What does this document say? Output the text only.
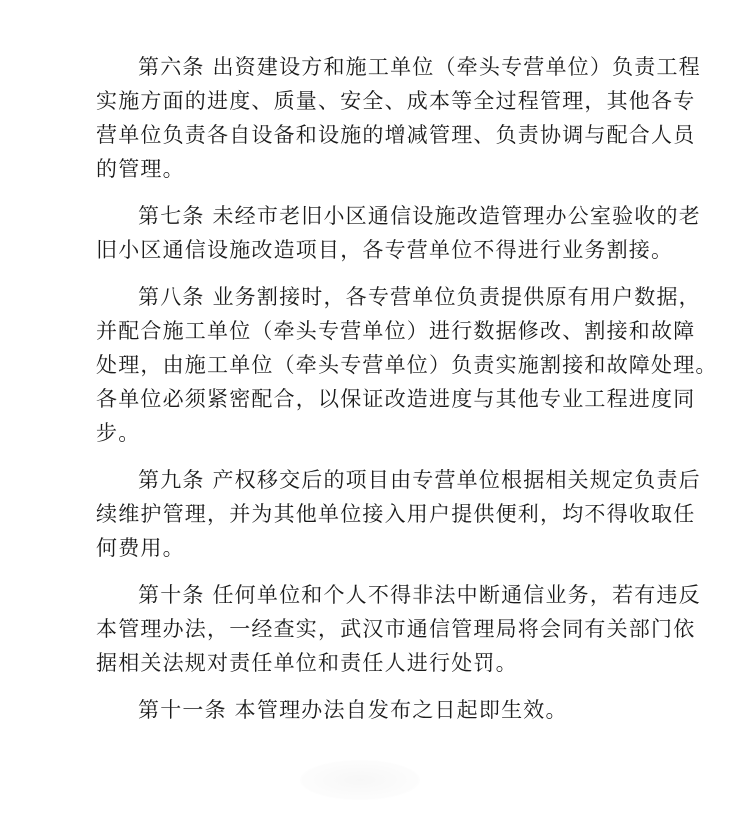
第六条 出资建设方和施工单位（牵头专营单位）负责工程
实施方面的进度、质量、安全、成本等全过程管理，其他各专
营单位负责各自设备和设施的增减管理、负责协调与配合人员
的管理。
第七条 未经市老旧小区通信设施改造管理办公室验收的老
旧小区通信设施改造项目，各专营单位不得进行业务割接。
第八条 业务割接时，各专营单位负责提供原有用户数据，
并配合施工单位（牵头专营单位）进行数据修改、割接和故障
处理，由施工单位（牵头专营单位）负责实施割接和故障处理。
各单位必须紧密配合，以保证改造进度与其他专业工程进度同
步。
第九条 产权移交后的项目由专营单位根据相关规定负责后
续维护管理，并为其他单位接入用户提供便利，均不得收取任
何费用。
第十条 任何单位和个人不得非法中断通信业务，若有违反
本管理办法，一经查实，武汉市通信管理局将会同有关部门依
据相关法规对责任单位和责任人进行处罚。
第十一条 本管理办法自发布之日起即生效。
